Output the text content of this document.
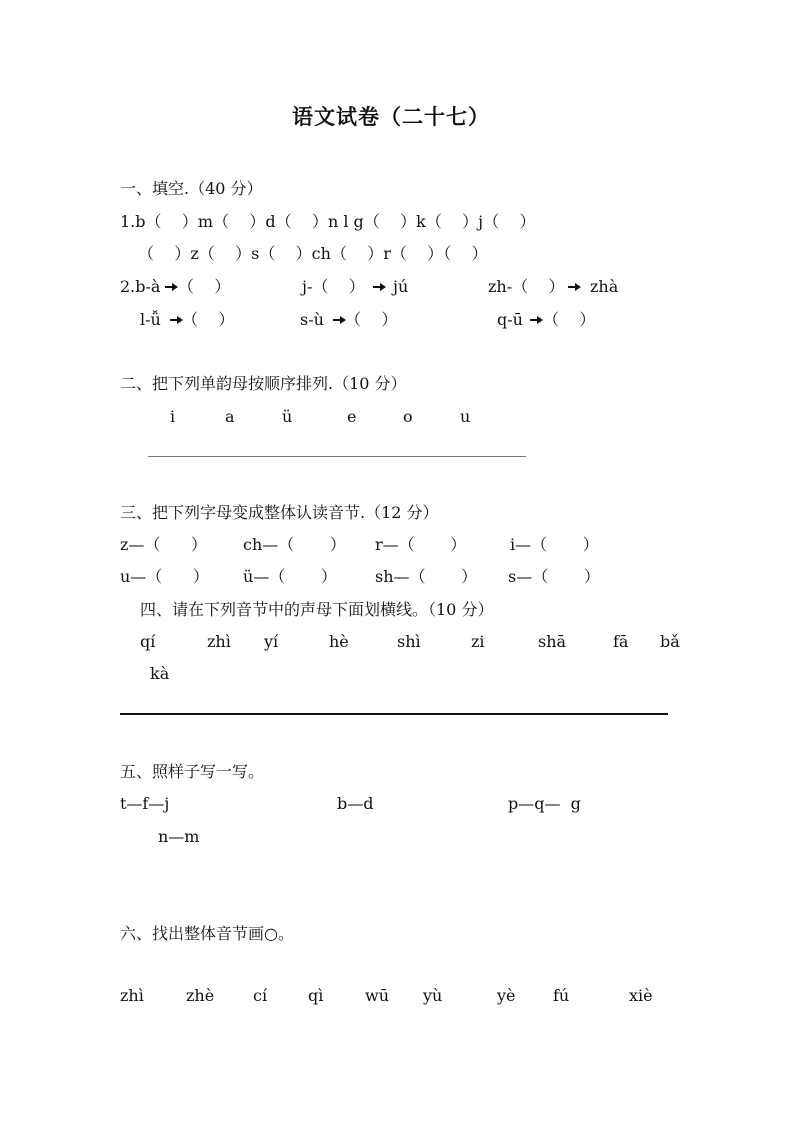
语文试卷（二十七）
一、填空.（40 分）
1.b（    ）m（    ）d（    ）n l g（    ）k（    ）j（    ）
（    ）z（    ）s（    ）ch（    ）r（    ）（    ）
2.b-à （    ）	j-（    ） jú	zh-（    ） zhà
l-ǚ （    ）	s-ù （    ）	q-ū （    ）
二、把下列单韵母按顺序排列.（10 分）
i	a	ü	e	o	u
三、把下列字母变成整体认读音节.（12 分）
z—（      ） ch—（       ） r—（       ）	i—（       ）
u—（      ） ü—（       ） sh—（       ） s—（       ）
四、请在下列音节中的声母下面划横线。（10 分）
qí	zhì yí	hè	shì	zi	shā	fā bǎ
kà
五、照样子写一写。
t—f—j	b—d	p—q—  g
n—m
六、找出整体音节画○。
zhì	zhè cí	qì	wū yù	yè fú	xiè
